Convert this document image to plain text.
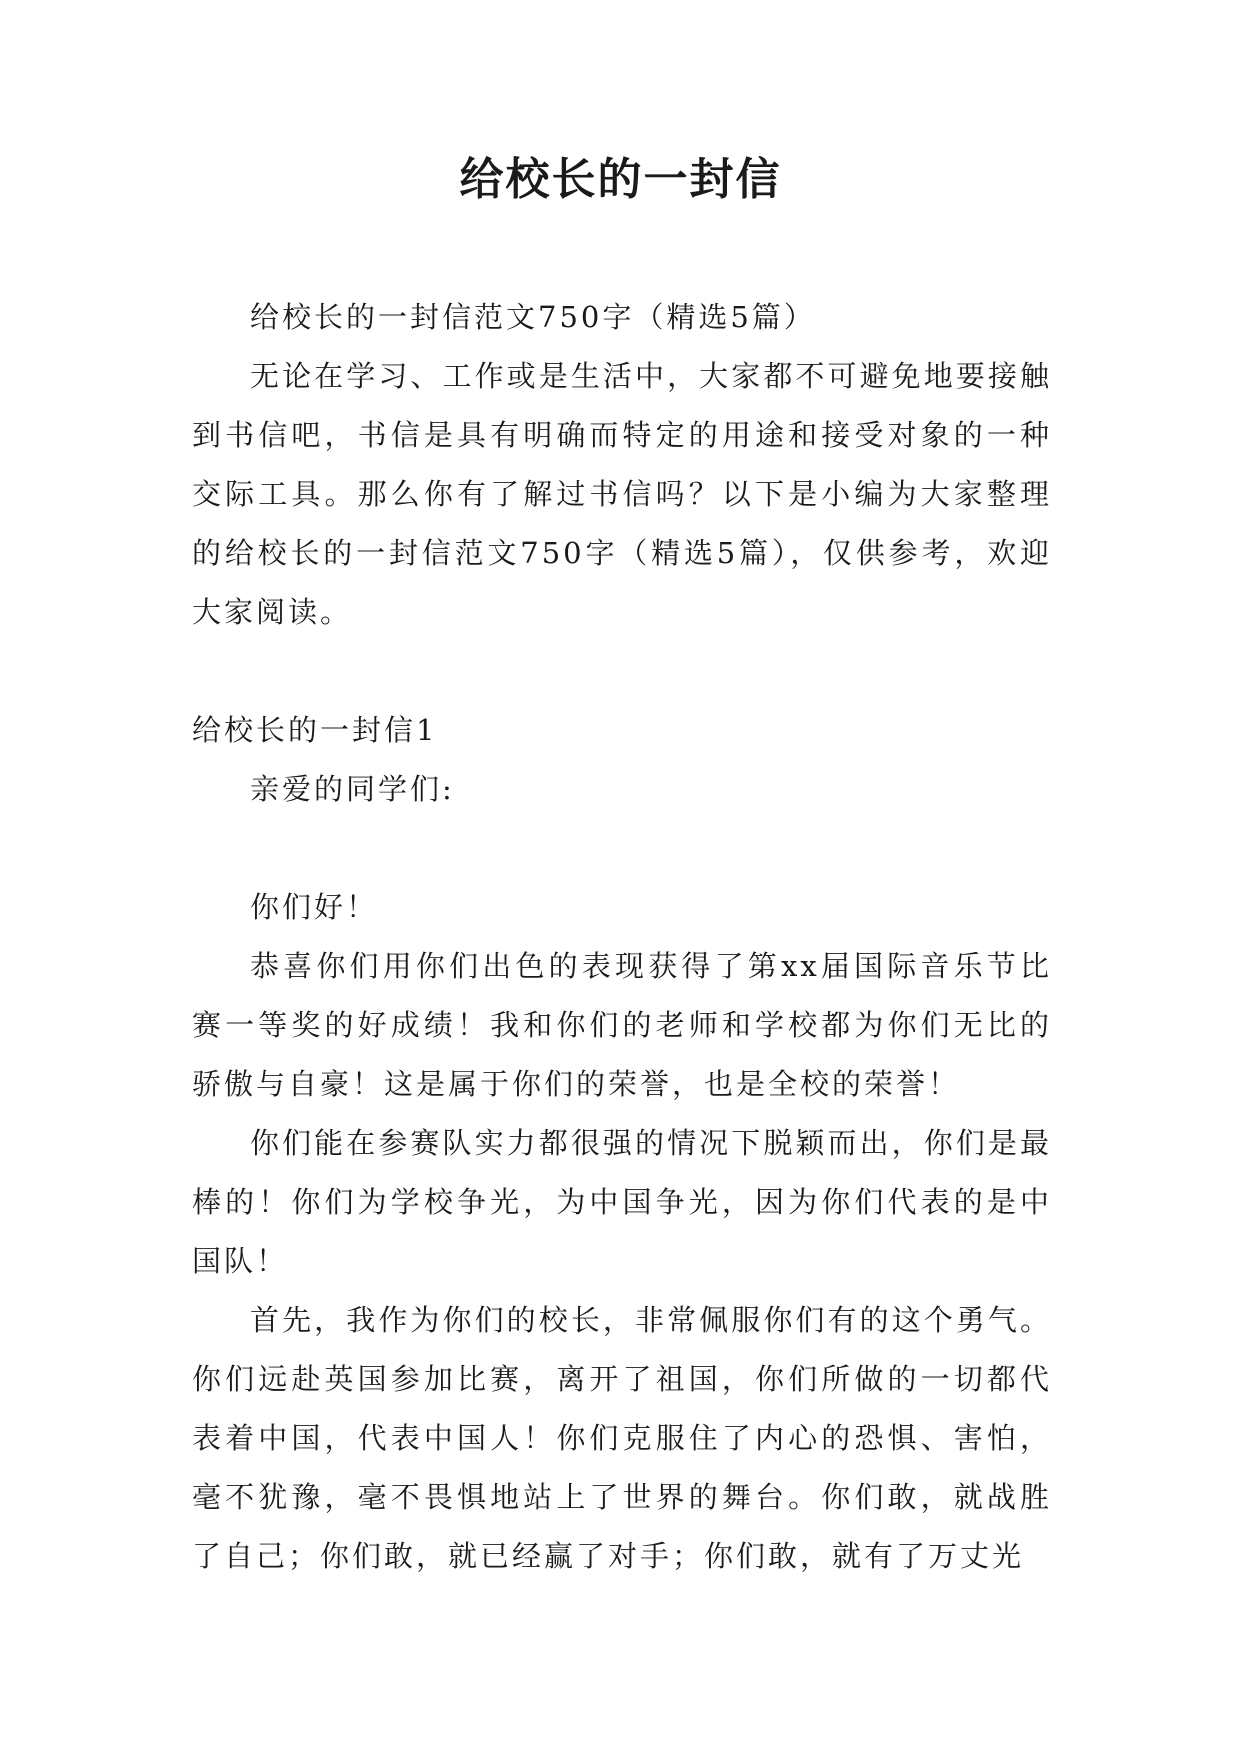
给校长的一封信

给校长的一封信范文750字（精选5篇）

无论在学习、工作或是生活中，大家都不可避免地要接触到书信吧，书信是具有明确而特定的用途和接受对象的一种交际工具。那么你有了解过书信吗？以下是小编为大家整理的给校长的一封信范文750字（精选5篇），仅供参考，欢迎大家阅读。

给校长的一封信1

亲爱的同学们:

你们好！

恭喜你们用你们出色的表现获得了第xx届国际音乐节比赛一等奖的好成绩！我和你们的老师和学校都为你们无比的骄傲与自豪！这是属于你们的荣誉，也是全校的荣誉！

你们能在参赛队实力都很强的情况下脱颖而出，你们是最棒的！你们为学校争光，为中国争光，因为你们代表的是中国队！

首先，我作为你们的校长，非常佩服你们有的这个勇气。你们远赴英国参加比赛，离开了祖国，你们所做的一切都代表着中国，代表中国人！你们克服住了内心的恐惧、害怕，毫不犹豫，毫不畏惧地站上了世界的舞台。你们敢，就战胜了自己；你们敢，就已经赢了对手；你们敢，就有了万丈光
